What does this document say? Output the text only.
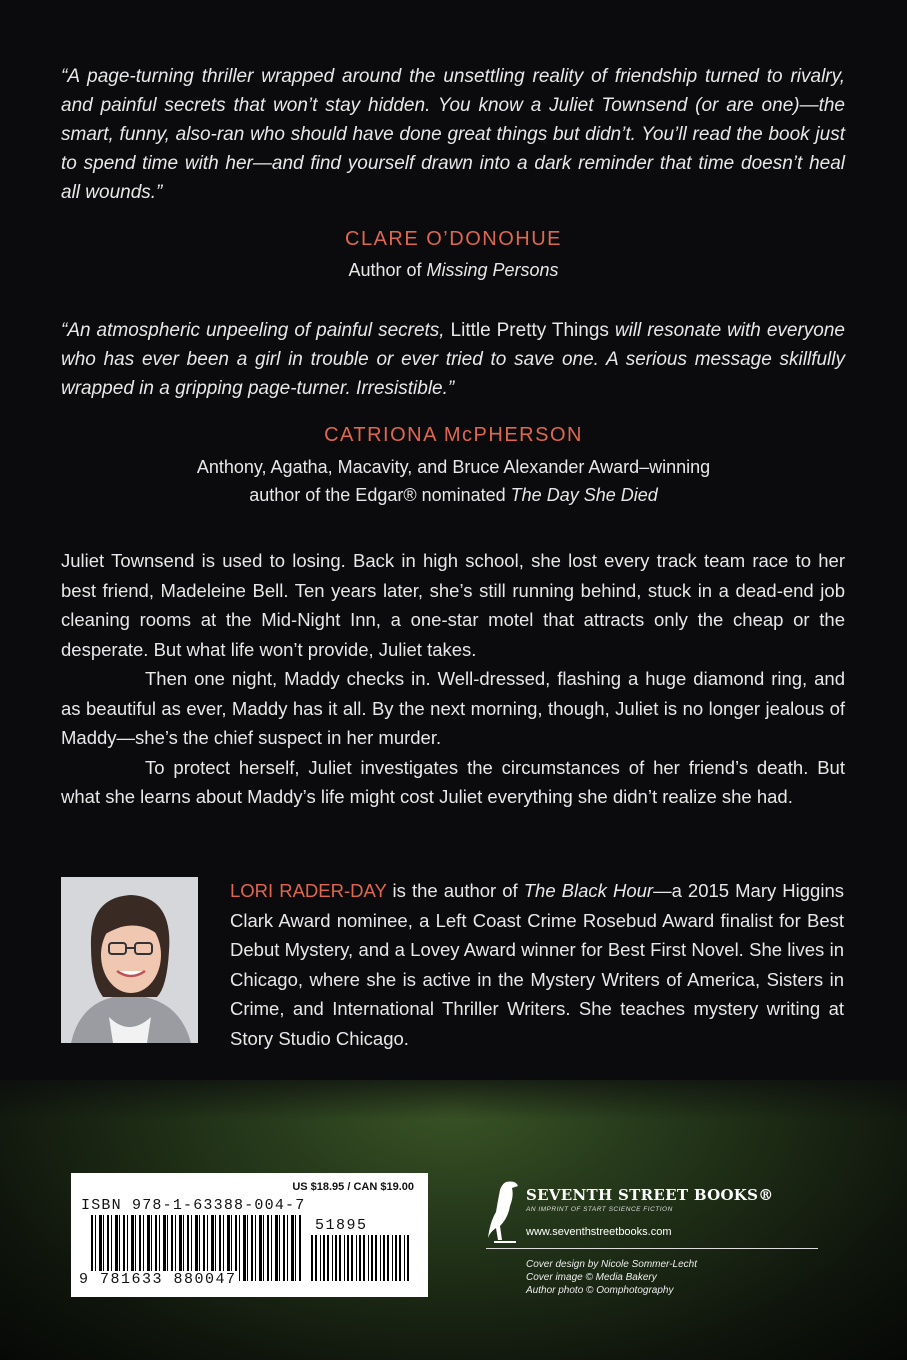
“A page-turning thriller wrapped around the unsettling reality of friendship turned to rivalry, and painful secrets that won’t stay hidden. You know a Juliet Townsend (or are one)—the smart, funny, also-ran who should have done great things but didn’t. You’ll read the book just to spend time with her—and find yourself drawn into a dark reminder that time doesn’t heal all wounds.”
CLARE O’DONOHUE
Author of Missing Persons
“An atmospheric unpeeling of painful secrets, Little Pretty Things will resonate with everyone who has ever been a girl in trouble or ever tried to save one. A serious message skillfully wrapped in a gripping page-turner. Irresistible.”
CATRIONA McPHERSON
Anthony, Agatha, Macavity, and Bruce Alexander Award–winning
author of the Edgar® nominated The Day She Died

Juliet Townsend is used to losing. Back in high school, she lost every track team race to her best friend, Madeleine Bell. Ten years later, she’s still running behind, stuck in a dead-end job cleaning rooms at the Mid-Night Inn, a one-star motel that attracts only the cheap or the desperate. But what life won’t provide, Juliet takes.

Then one night, Maddy checks in. Well-dressed, flashing a huge diamond ring, and as beautiful as ever, Maddy has it all. By the next morning, though, Juliet is no longer jealous of Maddy—she’s the chief suspect in her murder.

To protect herself, Juliet investigates the circumstances of her friend’s death. But what she learns about Maddy’s life might cost Juliet everything she didn’t realize she had.

LORI RADER-DAY is the author of The Black Hour—a 2015 Mary Higgins Clark Award nominee, a Left Coast Crime Rosebud Award finalist for Best Debut Mystery, and a Lovey Award winner for Best First Novel. She lives in Chicago, where she is active in the Mystery Writers of America, Sisters in Crime, and International Thriller Writers. She teaches mystery writing at Story Studio Chicago.
US $18.95 / CAN $19.00
ISBN 978-1-63388-004-7
51895
9 781633 880047
SEVENTH STREET BOOKS®
AN IMPRINT OF START SCIENCE FICTION
www.seventhstreetbooks.com
Cover design by Nicole Sommer-Lecht
Cover image © Media Bakery
Author photo © Oomphotography
